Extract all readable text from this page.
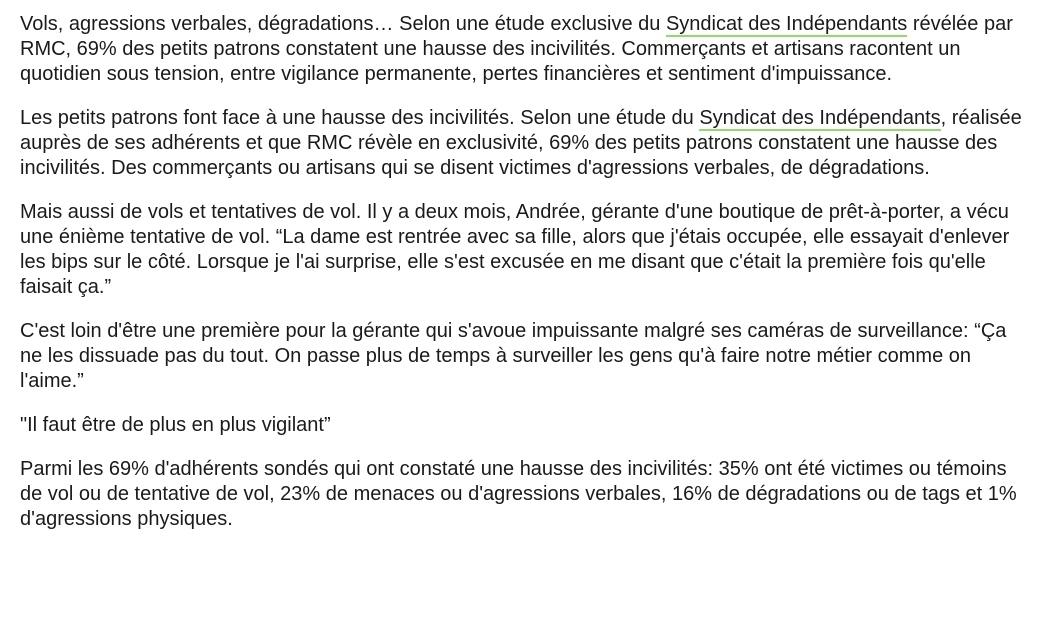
Vols, agressions verbales, dégradations… Selon une étude exclusive du Syndicat des Indépendants révélée par RMC, 69% des petits patrons constatent une hausse des incivilités. Commerçants et artisans racontent un quotidien sous tension, entre vigilance permanente, pertes financières et sentiment d'impuissance.

Les petits patrons font face à une hausse des incivilités. Selon une étude du Syndicat des Indépendants, réalisée auprès de ses adhérents et que RMC révèle en exclusivité, 69% des petits patrons constatent une hausse des incivilités. Des commerçants ou artisans qui se disent victimes d'agressions verbales, de dégradations.

Mais aussi de vols et tentatives de vol. Il y a deux mois, Andrée, gérante d'une boutique de prêt-à-porter, a vécu une énième tentative de vol. “La dame est rentrée avec sa fille, alors que j'étais occupée, elle essayait d'enlever les bips sur le côté. Lorsque je l'ai surprise, elle s'est excusée en me disant que c'était la première fois qu'elle faisait ça.”

C'est loin d'être une première pour la gérante qui s'avoue impuissante malgré ses caméras de surveillance: “Ça ne les dissuade pas du tout. On passe plus de temps à surveiller les gens qu'à faire notre métier comme on l'aime.”

"Il faut être de plus en plus vigilant”

Parmi les 69% d'adhérents sondés qui ont constaté une hausse des incivilités: 35% ont été victimes ou témoins de vol ou de tentative de vol, 23% de menaces ou d'agressions verbales, 16% de dégradations ou de tags et 1% d'agressions physiques.
